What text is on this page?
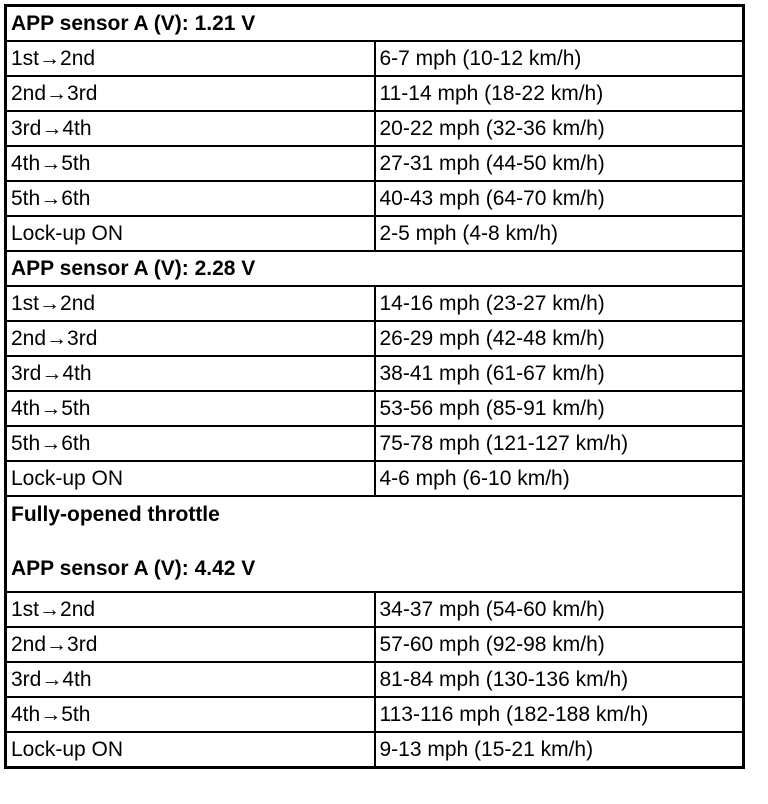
APP sensor A (V): 1.21 V	
1st→2nd	6-7 mph (10-12 km/h)
2nd→3rd	11-14 mph (18-22 km/h)
3rd→4th	20-22 mph (32-36 km/h)
4th→5th	27-31 mph (44-50 km/h)
5th→6th	40-43 mph (64-70 km/h)
Lock-up ON	2-5 mph (4-8 km/h)
APP sensor A (V): 2.28 V	
1st→2nd	14-16 mph (23-27 km/h)
2nd→3rd	26-29 mph (42-48 km/h)
3rd→4th	38-41 mph (61-67 km/h)
4th→5th	53-56 mph (85-91 km/h)
5th→6th	75-78 mph (121-127 km/h)
Lock-up ON	4-6 mph (6-10 km/h)
Fully-opened throttle
APP sensor A (V): 4.42 V	

1st→2nd	34-37 mph (54-60 km/h)
2nd→3rd	57-60 mph (92-98 km/h)
3rd→4th	81-84 mph (130-136 km/h)
4th→5th	113-116 mph (182-188 km/h)
Lock-up ON	9-13 mph (15-21 km/h)
